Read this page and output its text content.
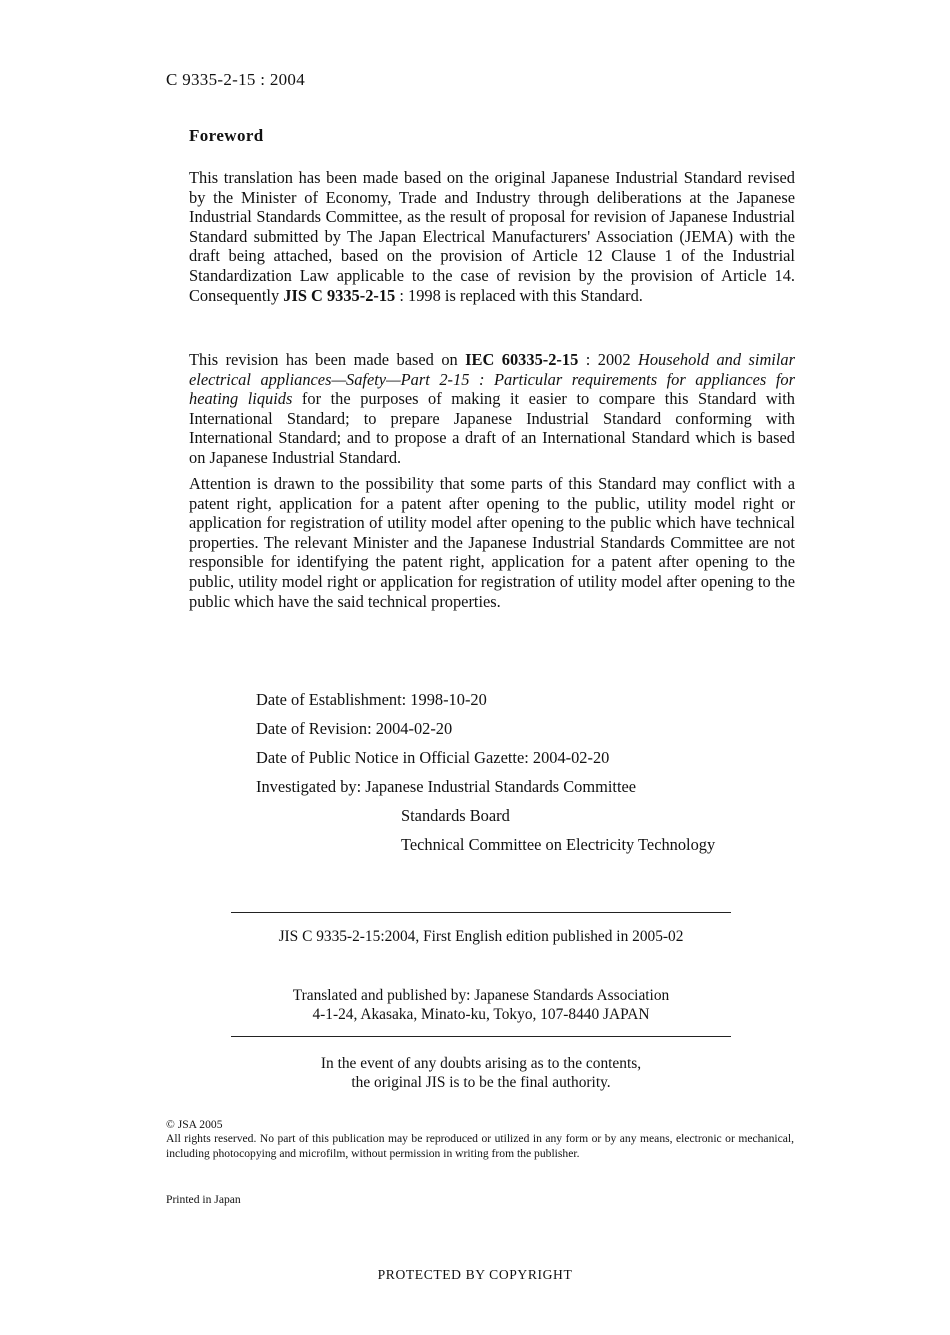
C 9335-2-15 : 2004
Foreword
This translation has been made based on the original Japanese Industrial Standard revised by the Minister of Economy, Trade and Industry through deliberations at the Japanese Industrial Standards Committee, as the result of proposal for revision of Japanese Industrial Standard submitted by The Japan Electrical Manufacturers' Association (JEMA) with the draft being attached, based on the provision of Article 12 Clause 1 of the Industrial Standardization Law applicable to the case of revision by the provision of Article 14. Consequently JIS C 9335-2-15 : 1998 is replaced with this Standard.
This revision has been made based on IEC 60335-2-15 : 2002 Household and similar electrical appliances—Safety—Part 2-15 : Particular requirements for appliances for heating liquids for the purposes of making it easier to compare this Standard with International Standard; to prepare Japanese Industrial Standard conforming with International Standard; and to propose a draft of an International Standard which is based on Japanese Industrial Standard.
Attention is drawn to the possibility that some parts of this Standard may conflict with a patent right, application for a patent after opening to the public, utility model right or application for registration of utility model after opening to the public which have technical properties. The relevant Minister and the Japanese Industrial Standards Committee are not responsible for identifying the patent right, application for a patent after opening to the public, utility model right or application for registration of utility model after opening to the public which have the said technical properties.
Date of Establishment: 1998-10-20
Date of Revision: 2004-02-20
Date of Public Notice in Official Gazette: 2004-02-20
Investigated by: Japanese Industrial Standards Committee
Standards Board
Technical Committee on Electricity Technology
JIS C 9335-2-15:2004, First English edition published in 2005-02
Translated and published by: Japanese Standards Association
4-1-24, Akasaka, Minato-ku, Tokyo, 107-8440 JAPAN
In the event of any doubts arising as to the contents,
the original JIS is to be the final authority.
© JSA 2005
All rights reserved. No part of this publication may be reproduced or utilized in any form or by any means, electronic or mechanical, including photocopying and microfilm, without permission in writing from the publisher.
Printed in Japan
PROTECTED BY COPYRIGHT
